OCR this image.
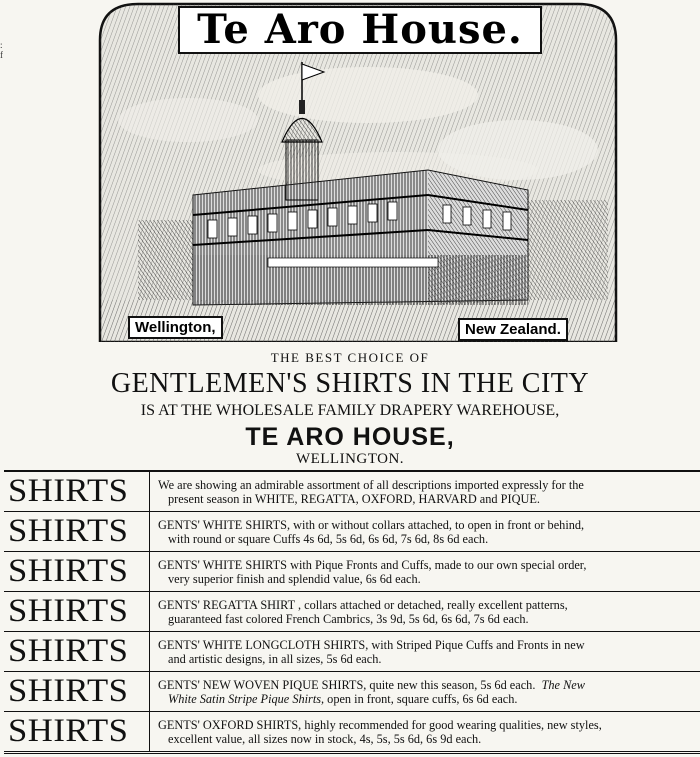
:
f
Te Aro House.
Wellington,	New Zealand.
THE BEST CHOICE OF
GENTLEMEN'S SHIRTS IN THE CITY
IS AT THE WHOLESALE FAMILY DRAPERY WAREHOUSE,
TE ARO HOUSE,
WELLINGTON.
SHIRTS We are showing an admirable assortment of all descriptions imported expressly for the
present season in WHITE, REGATTA, OXFORD, HARVARD and PIQUE.
SHIRTS GENTS' WHITE SHIRTS, with or without collars attached, to open in front or behind,
with round or square Cuffs 4s 6d, 5s 6d, 6s 6d, 7s 6d, 8s 6d each.
SHIRTS GENTS' WHITE SHIRTS with Pique Fronts and Cuffs, made to our own special order,
very superior finish and splendid value, 6s 6d each.
SHIRTS GENTS' REGATTA SHIRT , collars attached or detached, really excellent patterns,
guaranteed fast colored French Cambrics, 3s 9d, 5s 6d, 6s 6d, 7s 6d each.
SHIRTS GENTS' WHITE LONGCLOTH SHIRTS, with Striped Pique Cuffs and Fronts in new
and artistic designs, in all sizes, 5s 6d each.
SHIRTS GENTS' NEW WOVEN PIQUE SHIRTS, quite new this season, 5s 6d each. The New
White Satin Stripe Pique Shirts, open in front, square cuffs, 6s 6d each.
SHIRTS GENTS' OXFORD SHIRTS, highly recommended for good wearing qualities, new styles,
excellent value, all sizes now in stock, 4s, 5s, 5s 6d, 6s 9d each.
